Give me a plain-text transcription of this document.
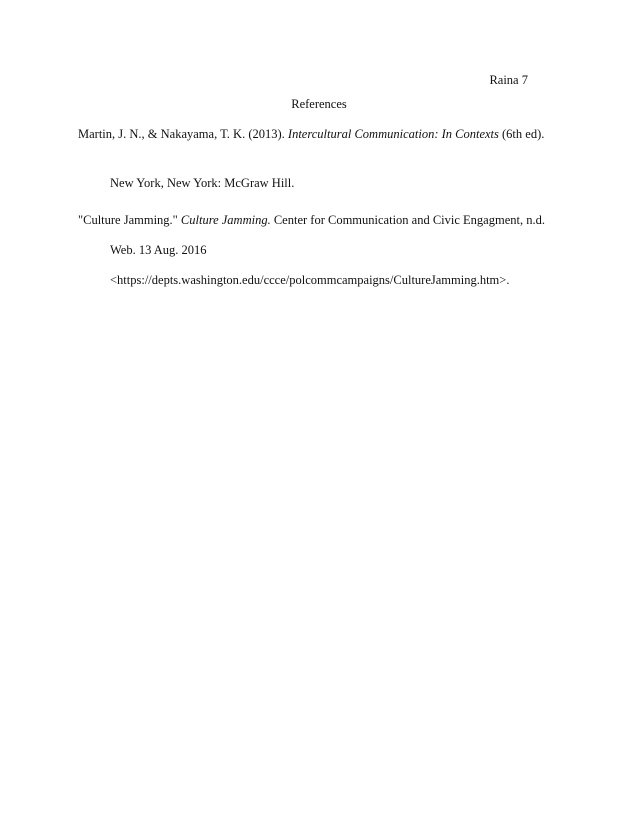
Raina 7
References
Martin, J. N., & Nakayama, T. K. (2013). Intercultural Communication: In Contexts (6th ed).
New York, New York: McGraw Hill.
"Culture Jamming." Culture Jamming. Center for Communication and Civic Engagment, n.d.
Web. 13 Aug. 2016
<https://depts.washington.edu/ccce/polcommcampaigns/CultureJamming.htm>.
